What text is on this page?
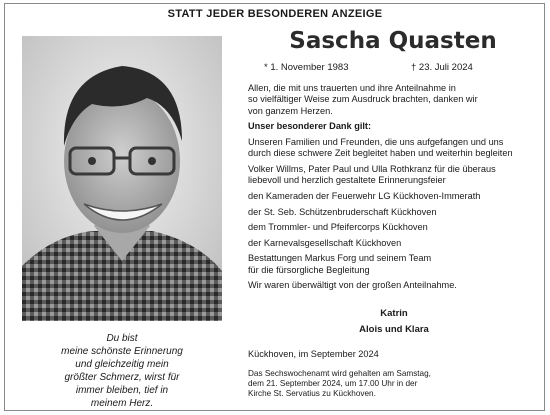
STATT JEDER BESONDEREN ANZEIGE
Du bist
meine schönste Erinnerung
und gleichzeitig mein
größter Schmerz, wirst für
immer bleiben, tief in
meinem Herz.
Sascha Quasten
* 1. November 1983	† 23. Juli 2024

Allen, die mit uns trauerten und ihre Anteilnahme in
so vielfältiger Weise zum Ausdruck brachten, danken wir
von ganzem Herzen.

Unser besonderer Dank gilt:

Unseren Familien und Freunden, die uns aufgefangen und uns
durch diese schwere Zeit begleitet haben und weiterhin begleiten

Volker Willms, Pater Paul und Ulla Rothkranz für die überaus
liebevoll und herzlich gestaltete Erinnerungsfeier

den Kameraden der Feuerwehr LG Kückhoven-Immerath

der St. Seb. Schützenbruderschaft Kückhoven

dem Trommler- und Pfeifercorps Kückhoven

der Karnevalsgesellschaft Kückhoven

Bestattungen Markus Forg und seinem Team
für die fürsorgliche Begleitung

Wir waren überwältigt von der großen Anteilnahme.

Katrin
Alois und Klara
Kückhoven, im September 2024
Das Sechswochenamt wird gehalten am Samstag,
dem 21. September 2024, um 17.00 Uhr in der
Kirche St. Servatius zu Kückhoven.
